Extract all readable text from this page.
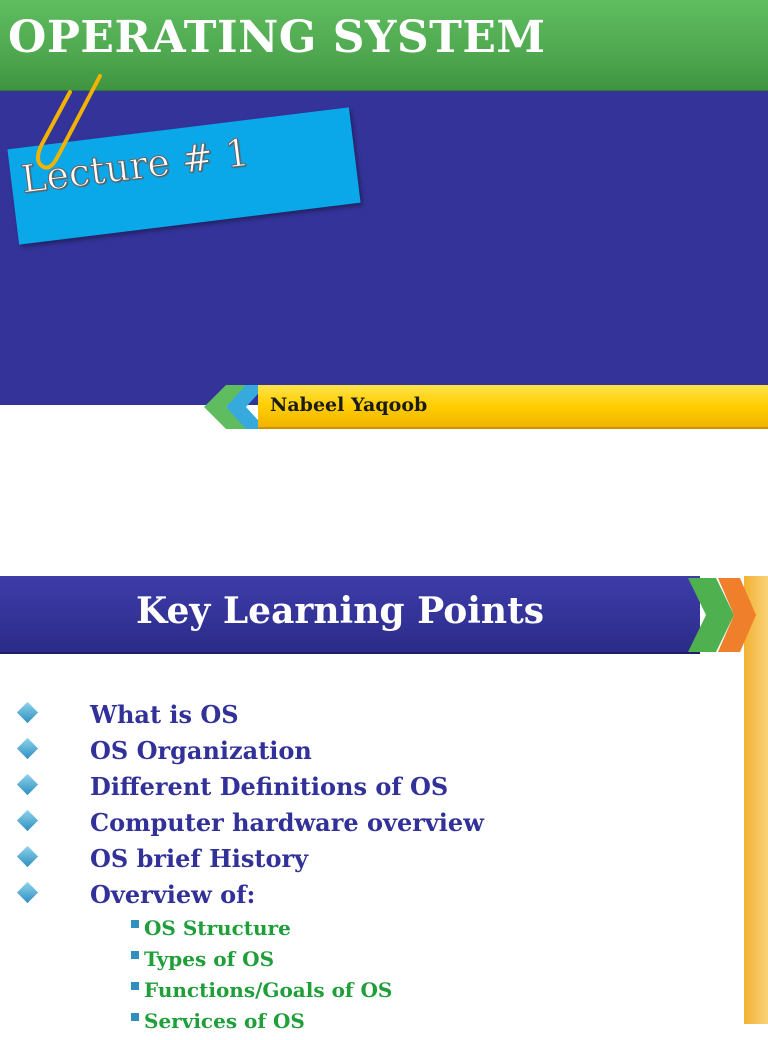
OPERATING SYSTEM
Lecture # 1
Nabeel Yaqoob
Key Learning Points
What is OS
OS Organization
Different Definitions of OS
Computer hardware overview
OS brief History
Overview of:
OS Structure
Types of OS
Functions/Goals of OS
Services of OS
